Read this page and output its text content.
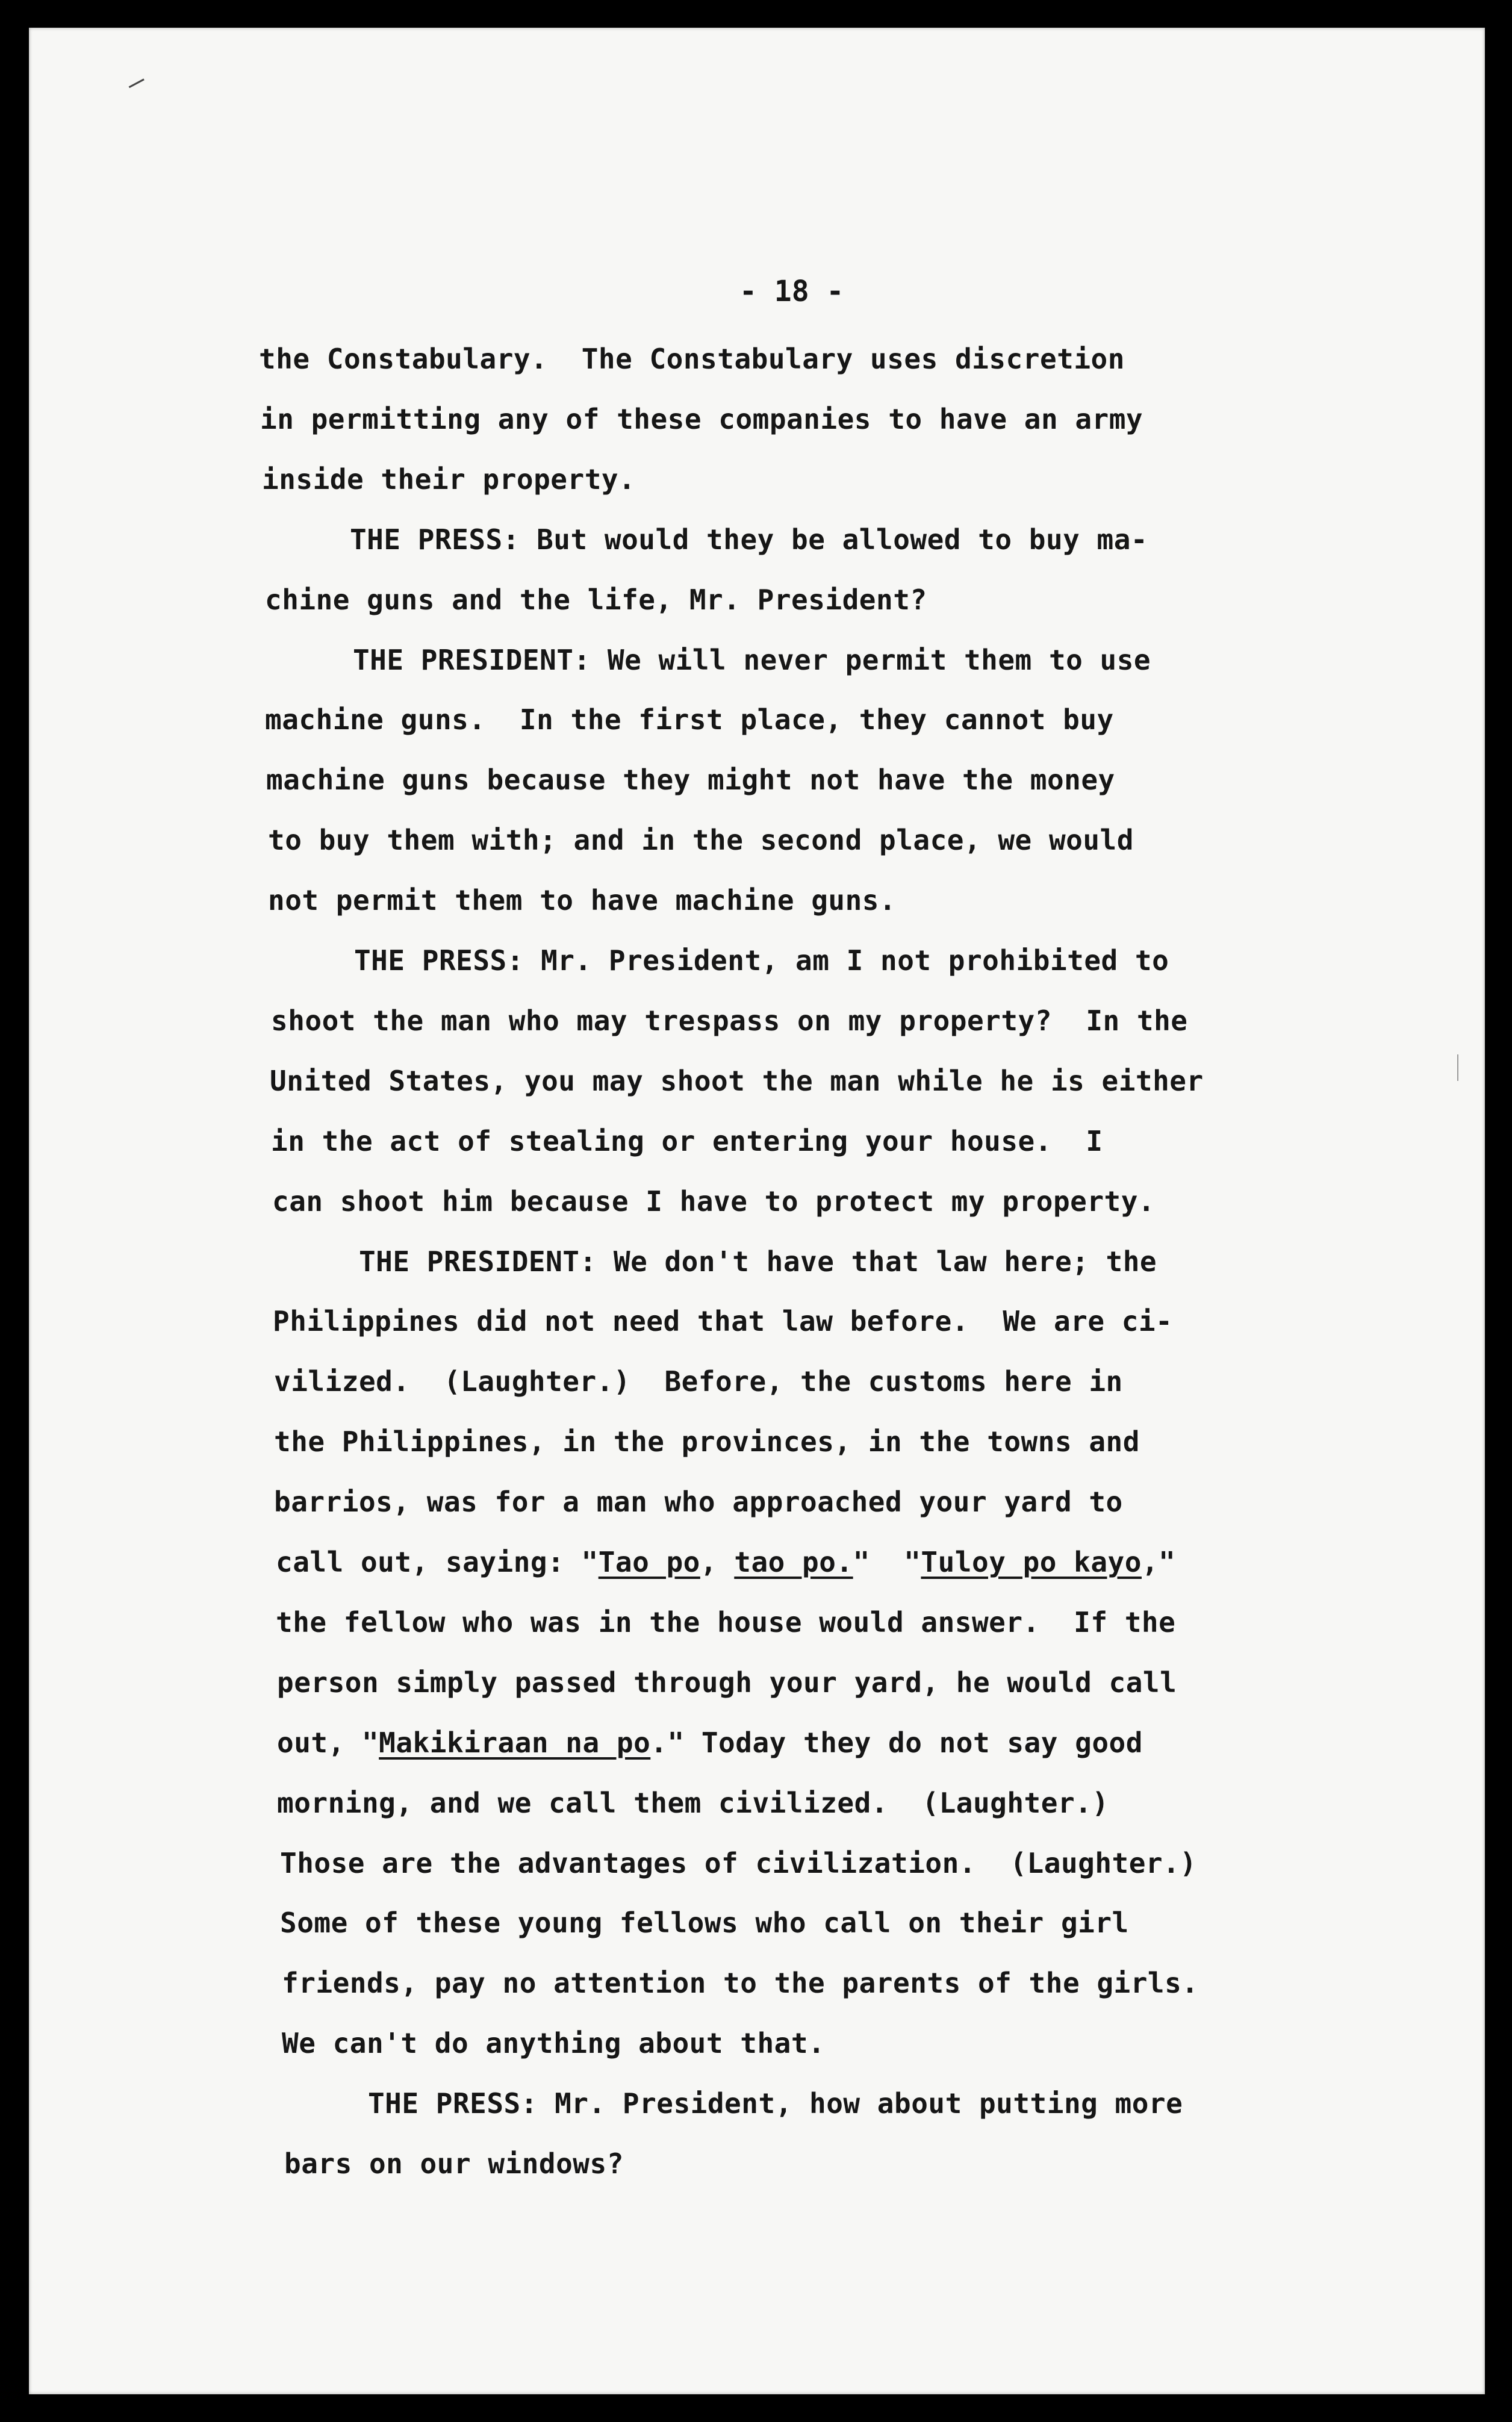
- 18 -
the Constabulary.  The Constabulary uses discretion
in permitting any of these companies to have an army
inside their property.
THE PRESS: But would they be allowed to buy ma-
chine guns and the life, Mr. President?
THE PRESIDENT: We will never permit them to use
machine guns.  In the first place, they cannot buy
machine guns because they might not have the money
to buy them with; and in the second place, we would
not permit them to have machine guns.
THE PRESS: Mr. President, am I not prohibited to
shoot the man who may trespass on my property?  In the
United States, you may shoot the man while he is either
in the act of stealing or entering your house.  I
can shoot him because I have to protect my property.
THE PRESIDENT: We don't have that law here; the
Philippines did not need that law before.  We are ci-
vilized.  (Laughter.)  Before, the customs here in
the Philippines, in the provinces, in the towns and
barrios, was for a man who approached your yard to
call out, saying: "Tao po, tao po."  "Tuloy po kayo,"
the fellow who was in the house would answer.  If the
person simply passed through your yard, he would call
out, "Makikiraan na po." Today they do not say good
morning, and we call them civilized.  (Laughter.)
Those are the advantages of civilization.  (Laughter.)
Some of these young fellows who call on their girl
friends, pay no attention to the parents of the girls.
We can't do anything about that.
THE PRESS: Mr. President, how about putting more
bars on our windows?
